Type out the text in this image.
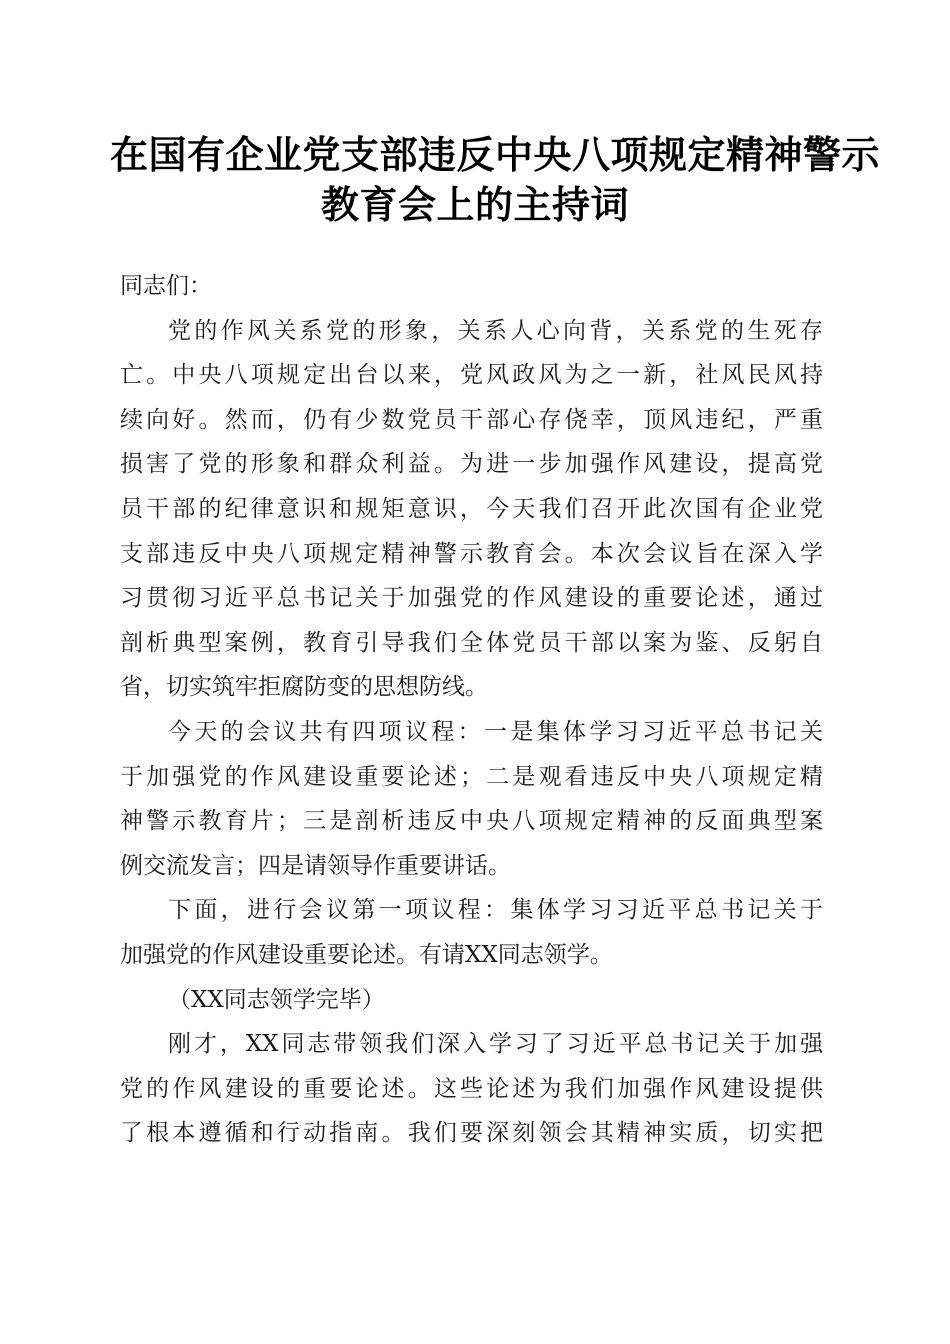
在国有企业党支部违反中央八项规定精神警示
教育会上的主持词
同志们：
党的作风关系党的形象，关系人心向背，关系党的生死存
亡。中央八项规定出台以来，党风政风为之一新，社风民风持
续向好。然而，仍有少数党员干部心存侥幸，顶风违纪，严重
损害了党的形象和群众利益。为进一步加强作风建设，提高党
员干部的纪律意识和规矩意识，今天我们召开此次国有企业党
支部违反中央八项规定精神警示教育会。本次会议旨在深入学
习贯彻习近平总书记关于加强党的作风建设的重要论述，通过
剖析典型案例，教育引导我们全体党员干部以案为鉴、反躬自
省，切实筑牢拒腐防变的思想防线。
今天的会议共有四项议程：一是集体学习习近平总书记关
于加强党的作风建设重要论述；二是观看违反中央八项规定精
神警示教育片；三是剖析违反中央八项规定精神的反面典型案
例交流发言；四是请领导作重要讲话。
下面，进行会议第一项议程：集体学习习近平总书记关于
加强党的作风建设重要论述。有请XX同志领学。
（XX同志领学完毕）
刚才，XX同志带领我们深入学习了习近平总书记关于加强
党的作风建设的重要论述。这些论述为我们加强作风建设提供
了根本遵循和行动指南。我们要深刻领会其精神实质，切实把
